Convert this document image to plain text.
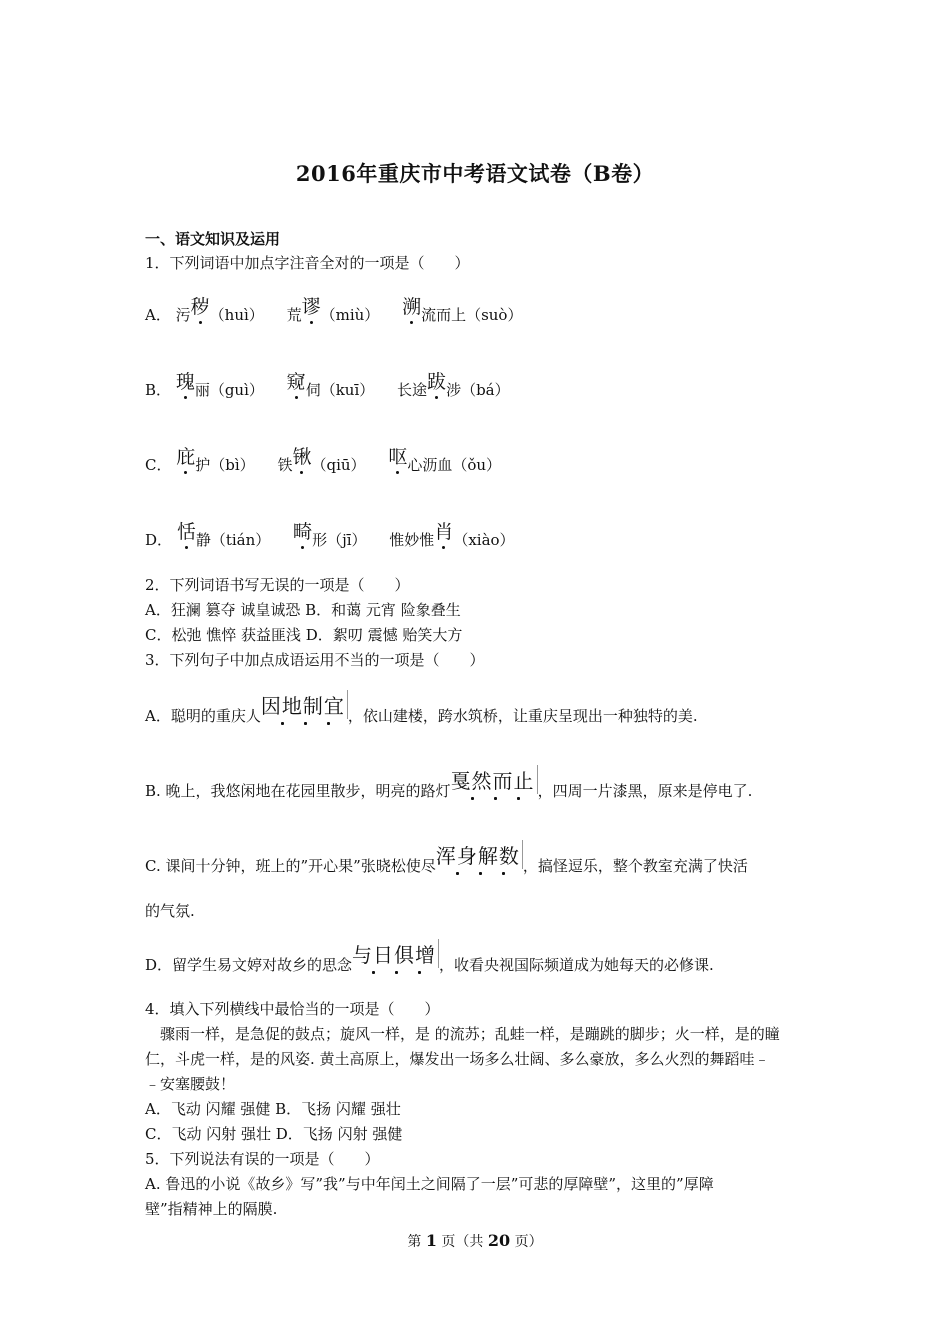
2016年重庆市中考语文试卷（B卷）
一、语文知识及运用
1．下列词语中加点字注音全对的一项是（　　）
A． 污秽（huì） 荒谬（miù） 溯流而上（suò）
B． 瑰丽（guì） 窥伺（kuī） 长途跋涉（bá）
C． 庇护（bì） 铁锹（qiū） 呕心沥血（ǒu）
D． 恬静（tián） 畸形（jī） 惟妙惟肖（xiào）
2．下列词语书写无误的一项是（　　）
A．狂澜 篡夺 诚皇诚恐 B．和蔼 元宵 险象叠生
C．松弛 憔悴 获益匪浅 D．絮叨 震憾 贻笑大方
3．下列句子中加点成语运用不当的一项是（　　）
A．聪明的重庆人因地制宜 ，依山建楼，跨水筑桥，让重庆呈现出一种独特的美.
B. 晚上，我悠闲地在花园里散步，明亮的路灯戛然而止 ，四周一片漆黑，原来是停电了.
C. 课间十分钟，班上的”开心果”张晓松使尽浑身解数 ，搞怪逗乐，整个教室充满了快活
的气氛.
D．留学生易文婷对故乡的思念与日俱增 ，收看央视国际频道成为她每天的必修课.
4．填入下列横线中最恰当的一项是（　　）
　骤雨一样，是急促的鼓点；旋风一样，是 的流苏；乱蛙一样，是蹦跳的脚步；火一样，是的瞳
仁，斗虎一样，是的风姿. 黄土高原上，爆发出一场多么壮阔、多么豪放，多么火烈的舞蹈哇﹣
﹣安塞腰鼓！
A．飞动 闪耀 强健 B．飞扬 闪耀 强壮
C．飞动 闪射 强壮 D．飞扬 闪射 强健
5．下列说法有误的一项是（　　）
A. 鲁迅的小说《故乡》写”我”与中年闰土之间隔了一层”可悲的厚障壁”，这里的”厚障
壁”指精神上的隔膜.
第 1 页（共 20 页）
